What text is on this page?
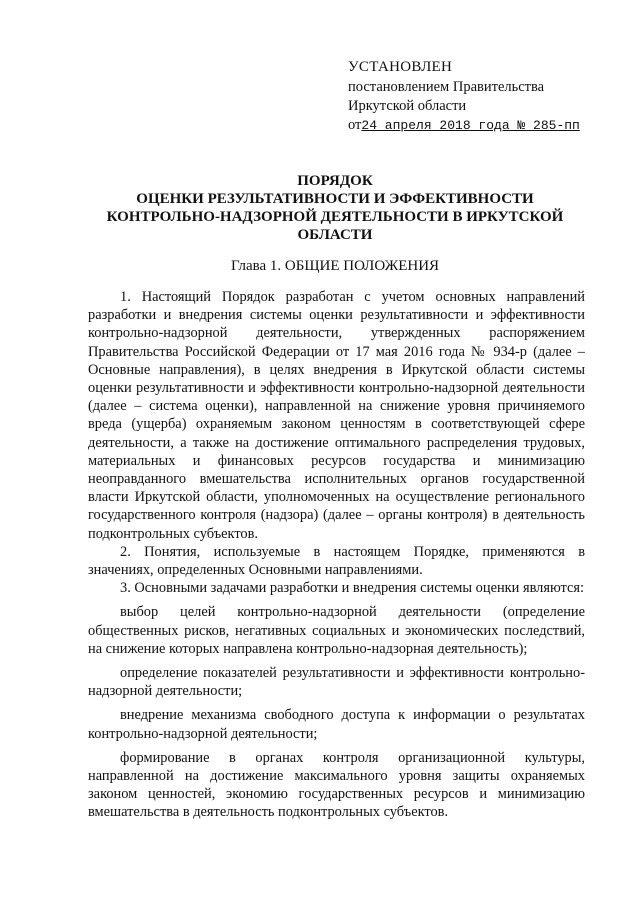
УСТАНОВЛЕН
постановлением Правительства
Иркутской области
от24 апреля 2018 года № 285-пп
ПОРЯДОК
ОЦЕНКИ РЕЗУЛЬТАТИВНОСТИ И ЭФФЕКТИВНОСТИ
КОНТРОЛЬНО-НАДЗОРНОЙ ДЕЯТЕЛЬНОСТИ В ИРКУТСКОЙ
ОБЛАСТИ
Глава 1. ОБЩИЕ ПОЛОЖЕНИЯ

1. Настоящий Порядок разработан с учетом основных направлений разработки и внедрения системы оценки результативности и эффективности контрольно-надзорной деятельности, утвержденных распоряжением Правительства Российской Федерации от 17 мая 2016 года № 934-р (далее – Основные направления), в целях внедрения в Иркутской области системы оценки результативности и эффективности контрольно-надзорной деятельности (далее – система оценки), направленной на снижение уровня причиняемого вреда (ущерба) охраняемым законом ценностям в соответствующей сфере деятельности, а также на достижение оптимального распределения трудовых, материальных и финансовых ресурсов государства и минимизацию неоправданного вмешательства исполнительных органов государственной власти Иркутской области, уполномоченных на осуществление регионального государственного контроля (надзора) (далее – органы контроля) в деятельность подконтрольных субъектов.

2. Понятия, используемые в настоящем Порядке, применяются в значениях, определенных Основными направлениями.

3. Основными задачами разработки и внедрения системы оценки являются:

выбор целей контрольно-надзорной деятельности (определение общественных рисков, негативных социальных и экономических последствий, на снижение которых направлена контрольно-надзорная деятельность);

определение показателей результативности и эффективности контрольно-надзорной деятельности;

внедрение механизма свободного доступа к информации о результатах контрольно-надзорной деятельности;

формирование в органах контроля организационной культуры, направленной на достижение максимального уровня защиты охраняемых законом ценностей, экономию государственных ресурсов и минимизацию вмешательства в деятельность подконтрольных субъектов.
